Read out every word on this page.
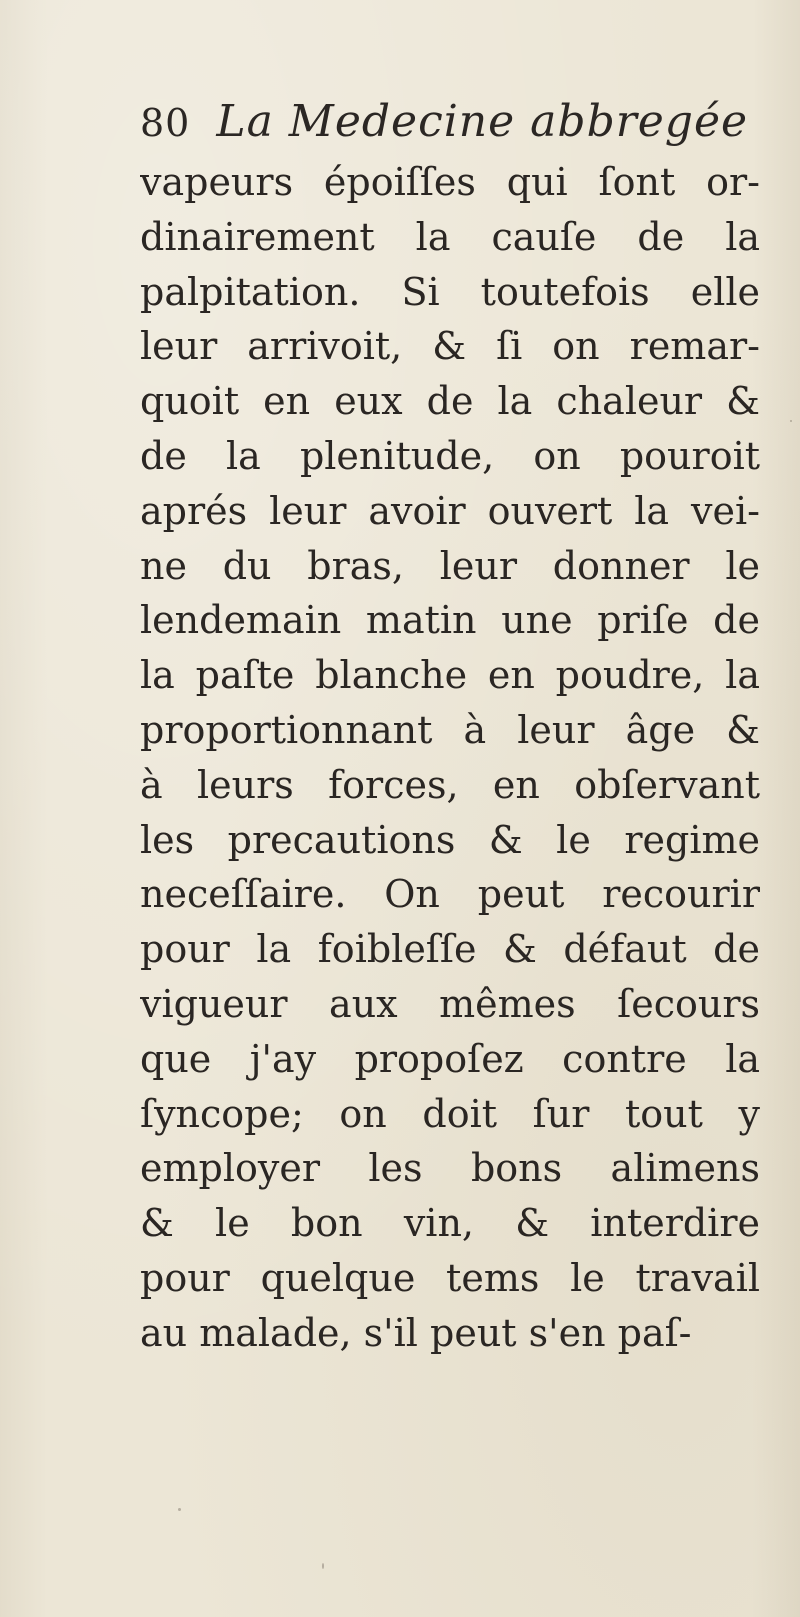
80 La Medecine abbregée
vapeurs époiſſes qui ſont or-
dinairement la cauſe de la
palpitation. Si toutefois elle
leur arrivoit, & ſi on remar-
quoit en eux de la chaleur &
de la plenitude, on pouroit
aprés leur avoir ouvert la vei-
ne du bras, leur donner le
lendemain matin une priſe de
la paſte blanche en poudre, la
proportionnant à leur âge &
à leurs forces, en obſervant
les precautions & le regime
neceſſaire. On peut recourir
pour la foibleſſe & défaut de
vigueur aux mêmes ſecours
que j'ay propoſez contre la
ſyncope; on doit ſur tout y
employer les bons alimens
& le bon vin, & interdire
pour quelque tems le travail
au malade, s'il peut s'en paſ-
